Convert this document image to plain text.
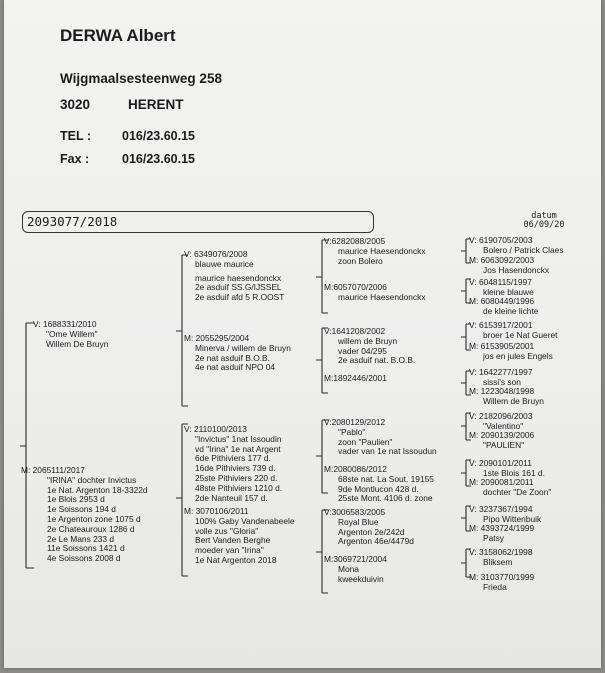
DERWA Albert
Wijgmaalsesteenweg 258
3020	HERENT
TEL : 016/23.60.15
Fax :	016/23.60.15
2093077/2018	datum
06/09/20
V: 1688331/2010
"Ome Willem"
Willem De Bruyn
M: 2065111/2017
"IRINA" dochter Invictus
1e Nat. Argenton 18-3322d
1e Blois 2953 d
1e Soissons 194 d
1e Argenton zone 1075 d
2e Chateauroux 1286 d
2e Le Mans 233 d
11e Soissons 1421 d
4e Soissons 2008 d
V: 6349076/2008
blauwe maurice
maurice haesendonckx
2e asduif SS.G/IJSSEL
2e asduif afd 5 R.OOST
M: 2055295/2004
Minerva / willem de Bruyn
2e nat asduif B.O.B.
4e nat asduif NPO 04
V: 2110100/2013
"Invictus" 1nat Issoudin
vd "Irina" 1e nat Argent
6de Pithiviers 177 d.
16de Pithiviers 739 d.
25ste Pithiviers 220 d.
48ste Pithiviers 1210 d.
2de Nanteuil 157 d.
M: 3070106/2011
100% Gaby Vandenabeele
volle zus "Gloria"
Bert Vanden Berghe
moeder van "Irina"
1e Nat Argenton 2018
V:6282088/2005
maurice Haesendonckx
zoon Bolero
M:6057070/2006
maurice Haesendonckx
V:1641208/2002
willem de Bruyn
vader 04/295
2e asduif nat. B.O.B.
M:1892446/2001
V:2080129/2012
"Pablo"
zoon "Paulien"
vader van 1e nat Issoudun
M:2080086/2012
68ste nat. La Sout. 19155
9de Montlucon 428 d.
25ste Mont. 4106 d. zone
V:3006583/2005
Royal Blue
Argenton 2e/242d
Argenton 46e/4479d
M:3069721/2004
Mona
kweekduivin
V: 6190705/2003
Bolero / Patrick Claes
M: 6063092/2003
Jos Hasendonckx
V: 6048115/1997
kleine blauwe
M: 6080449/1996
de kleine lichte
V: 6153917/2001
broer 1e Nat Gueret
M: 6153905/2001
jos en jules Engels
V: 1642277/1997
sissi's son
M: 1223048/1998
Willem de Bruyn
V: 2182096/2003
"Valentino"
M: 2090139/2006
"PAULIEN"
V: 2090101/2011
1ste Blois 161 d.
M: 2090081/2011
dochter "De Zoon"
V: 3237367/1994
Pipo Wittenbuik
M: 4393724/1999
Patsy
V: 3158062/1998
Bliksem
M: 3103770/1999
Frieda
